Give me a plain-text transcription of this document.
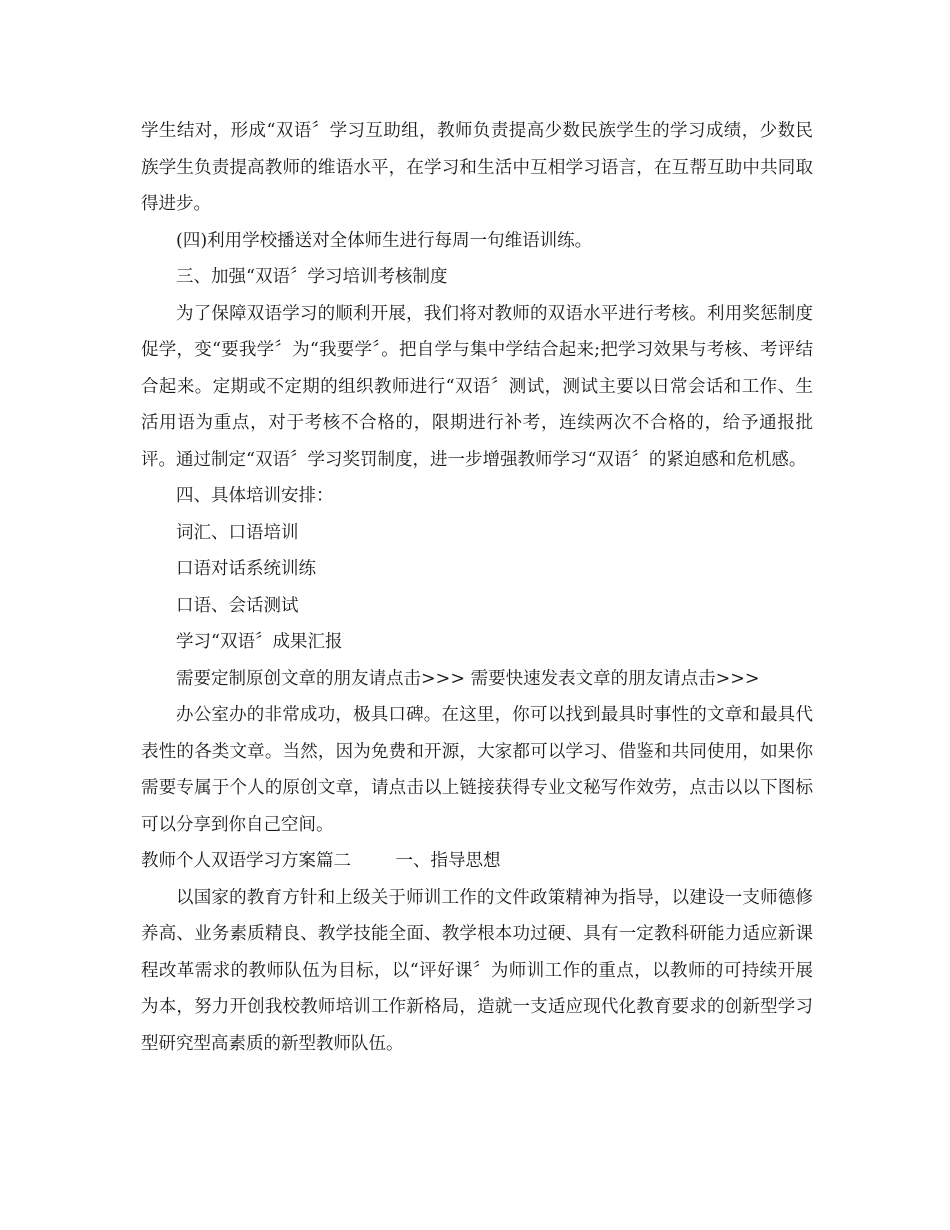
学生结对，形成“双语〞学习互助组，教师负责提高少数民族学生的学习成绩，少数民族学生负责提高教师的维语水平，在学习和生活中互相学习语言，在互帮互助中共同取得进步。

(四)利用学校播送对全体师生进行每周一句维语训练。

三、加强“双语〞学习培训考核制度

为了保障双语学习的顺利开展，我们将对教师的双语水平进行考核。利用奖惩制度促学，变“要我学〞为“我要学〞。把自学与集中学结合起来;把学习效果与考核、考评结合起来。定期或不定期的组织教师进行“双语〞测试，测试主要以日常会话和工作、生活用语为重点，对于考核不合格的，限期进行补考，连续两次不合格的，给予通报批评。通过制定“双语〞学习奖罚制度，进一步增强教师学习“双语〞的紧迫感和危机感。

四、具体培训安排：

词汇、口语培训

口语对话系统训练

口语、会话测试

学习“双语〞成果汇报

需要定制原创文章的朋友请点击>>> 需要快速发表文章的朋友请点击>>>

办公室办的非常成功，极具口碑。在这里，你可以找到最具时事性的文章和最具代表性的各类文章。当然，因为免费和开源，大家都可以学习、借鉴和共同使用，如果你需要专属于个人的原创文章，请点击以上链接获得专业文秘写作效劳，点击以以下图标可以分享到你自己空间。

教师个人双语学习方案篇二	一、指导思想

以国家的教育方针和上级关于师训工作的文件政策精神为指导，以建设一支师德修养高、业务素质精良、教学技能全面、教学根本功过硬、具有一定教科研能力适应新课程改革需求的教师队伍为目标，以“评好课〞为师训工作的重点，以教师的可持续开展为本，努力开创我校教师培训工作新格局，造就一支适应现代化教育要求的创新型学习型研究型高素质的新型教师队伍。
